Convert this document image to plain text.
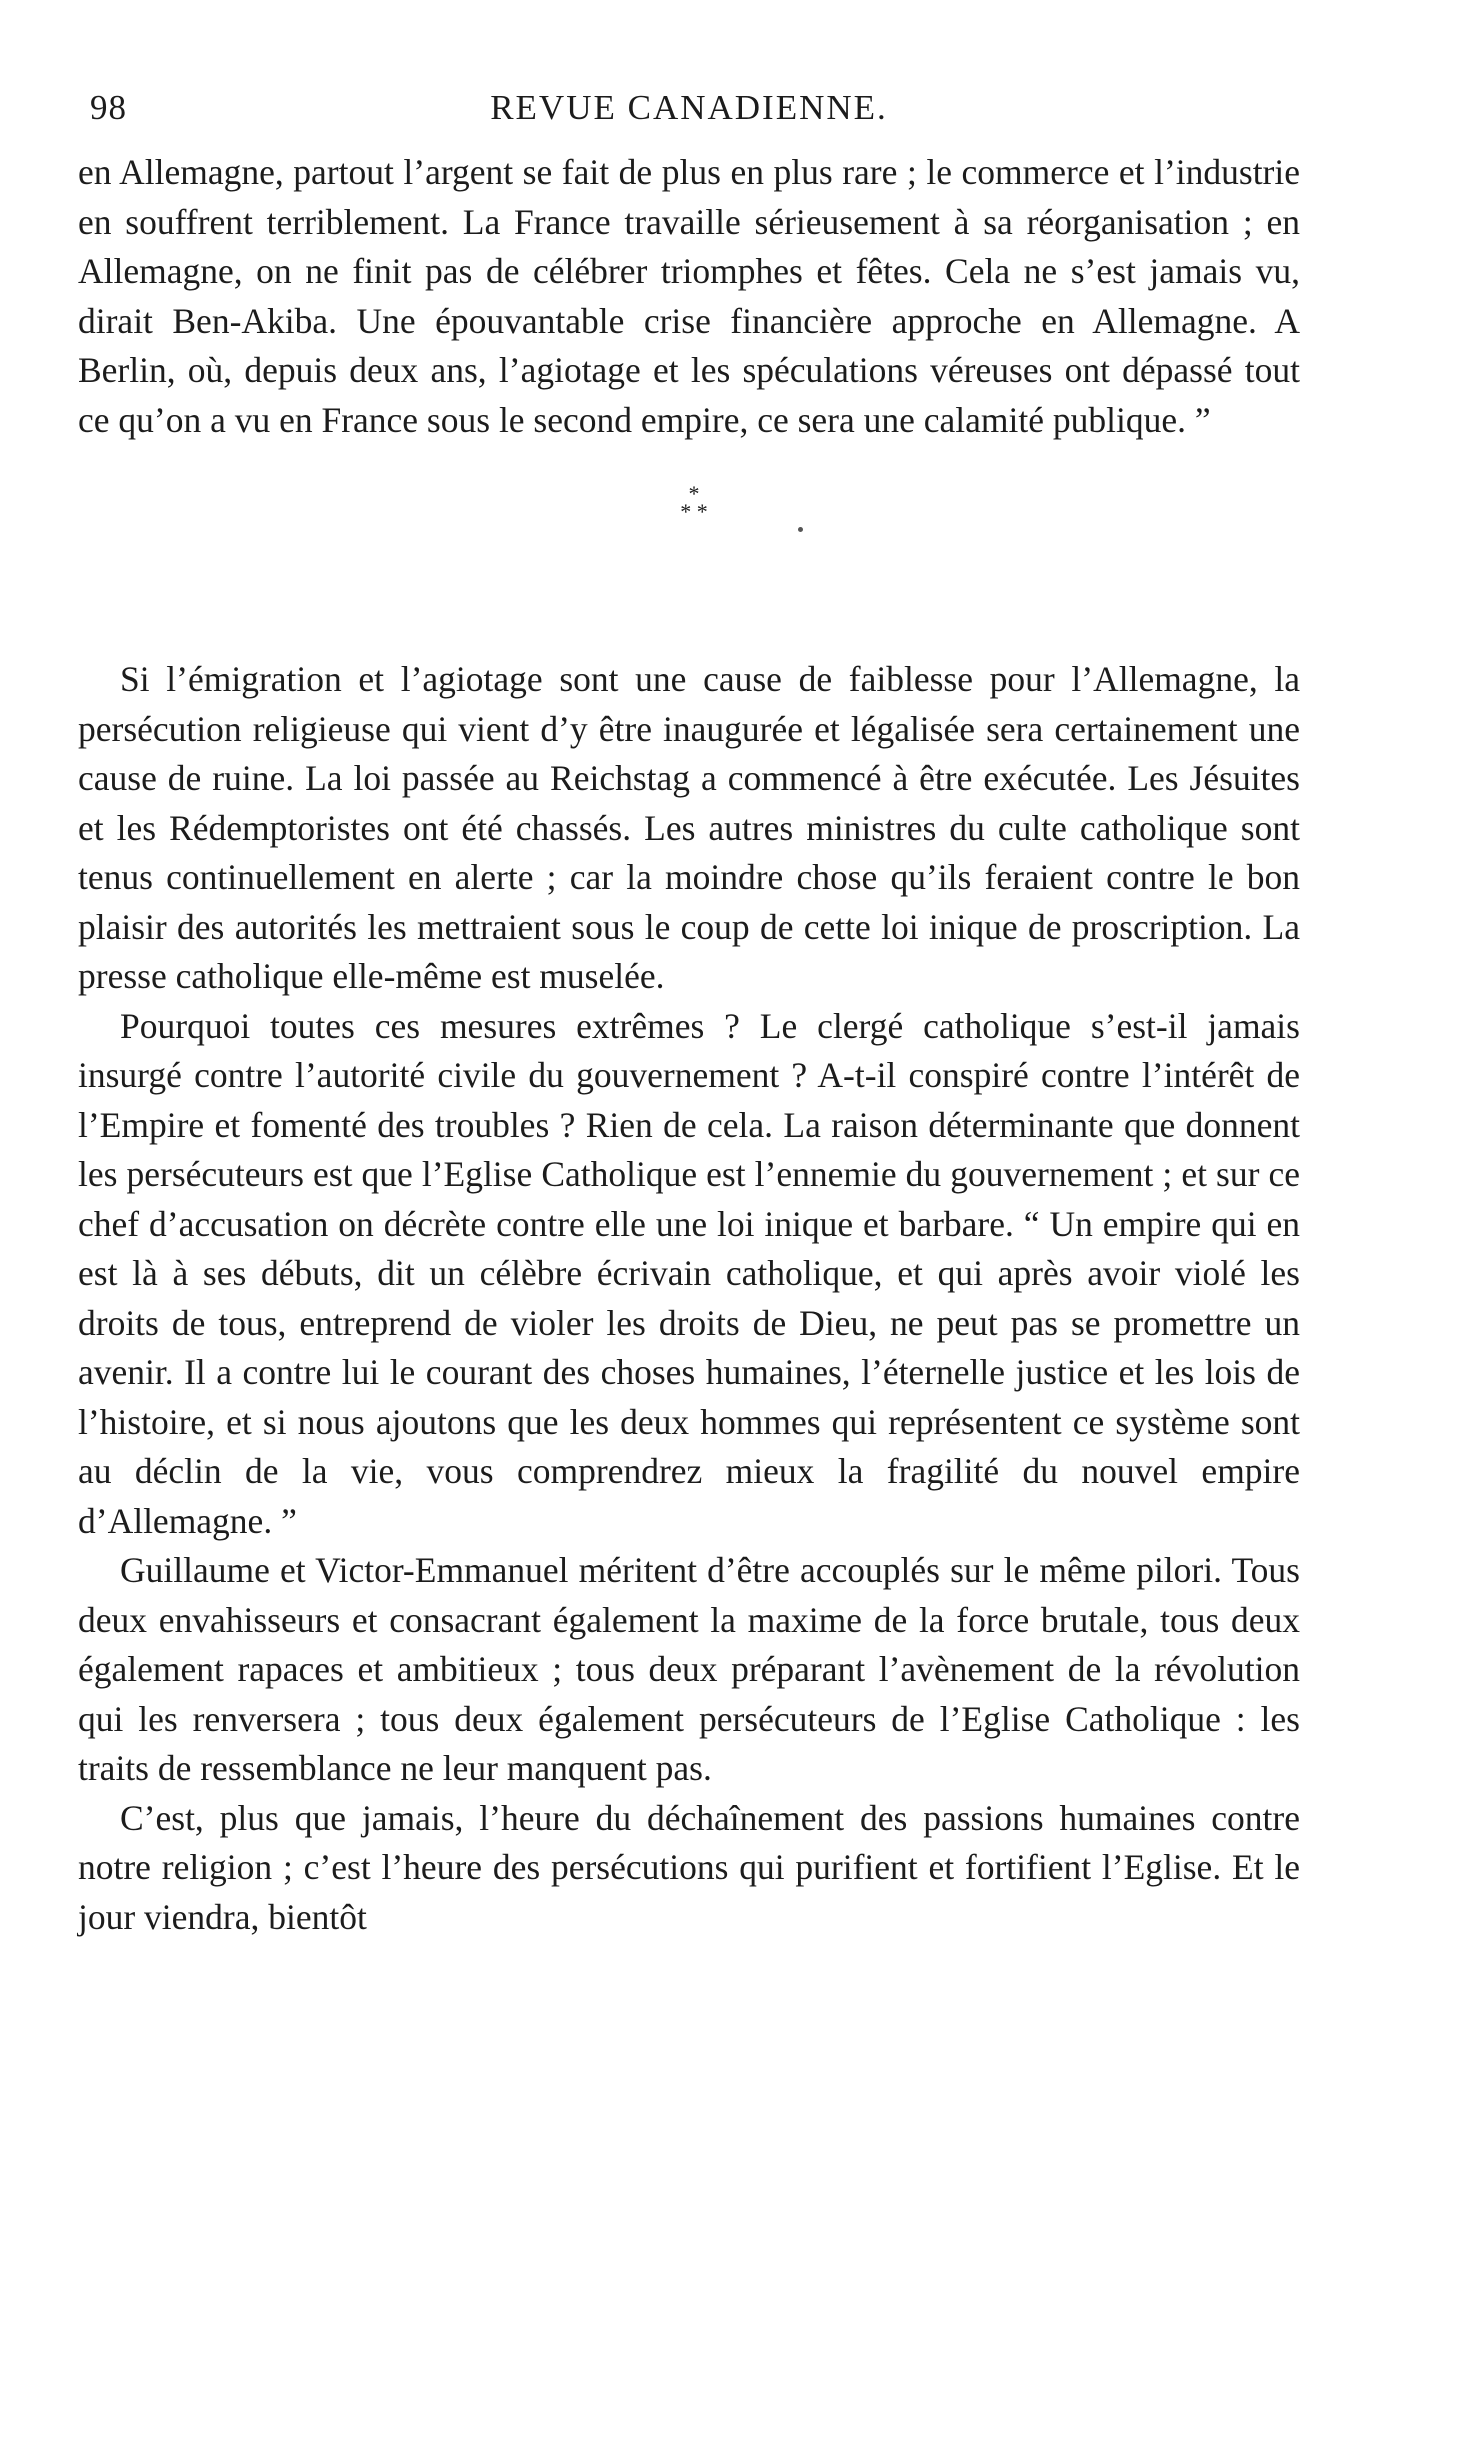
98	REVUE CANADIENNE.

en Allemagne, partout l’argent se fait de plus en plus rare ; le commerce et l’industrie en souffrent terriblement. La France travaille sérieusement à sa réorganisation ; en Allemagne, on ne finit pas de célébrer triomphes et fêtes. Cela ne s’est jamais vu, dirait Ben-Akiba. Une épouvantable crise financière approche en Allemagne. A Berlin, où, depuis deux ans, l’agiotage et les spéculations véreuses ont dépassé tout ce qu’on a vu en France sous le second empire, ce sera une calamité publique. ”

*
* *

Si l’émigration et l’agiotage sont une cause de faiblesse pour l’Allemagne, la persécution religieuse qui vient d’y être inaugurée et légalisée sera certainement une cause de ruine. La loi passée au Reichstag a commencé à être exécutée. Les Jésuites et les Rédemptoristes ont été chassés. Les autres ministres du culte catholique sont tenus continuellement en alerte ; car la moindre chose qu’ils feraient contre le bon plaisir des autorités les mettraient sous le coup de cette loi inique de proscription. La presse catholique elle-même est muselée.

Pourquoi toutes ces mesures extrêmes ? Le clergé catholique s’est-il jamais insurgé contre l’autorité civile du gouvernement ? A-t-il conspiré contre l’intérêt de l’Empire et fomenté des troubles ? Rien de cela. La raison déterminante que donnent les persécuteurs est que l’Eglise Catholique est l’ennemie du gouvernement ; et sur ce chef d’accusation on décrète contre elle une loi inique et barbare. “ Un empire qui en est là à ses débuts, dit un célèbre écrivain catholique, et qui après avoir violé les droits de tous, entreprend de violer les droits de Dieu, ne peut pas se promettre un avenir. Il a contre lui le courant des choses humaines, l’éternelle justice et les lois de l’histoire, et si nous ajoutons que les deux hommes qui représentent ce système sont au déclin de la vie, vous comprendrez mieux la fragilité du nouvel empire d’Allemagne. ”

Guillaume et Victor-Emmanuel méritent d’être accouplés sur le même pilori. Tous deux envahisseurs et consacrant également la maxime de la force brutale, tous deux également rapaces et ambitieux ; tous deux préparant l’avènement de la révolution qui les renversera ; tous deux également persécuteurs de l’Eglise Catholique : les traits de ressemblance ne leur manquent pas.

C’est, plus que jamais, l’heure du déchaînement des passions humaines contre notre religion ; c’est l’heure des persécutions qui purifient et fortifient l’Eglise. Et le jour viendra, bientôt
